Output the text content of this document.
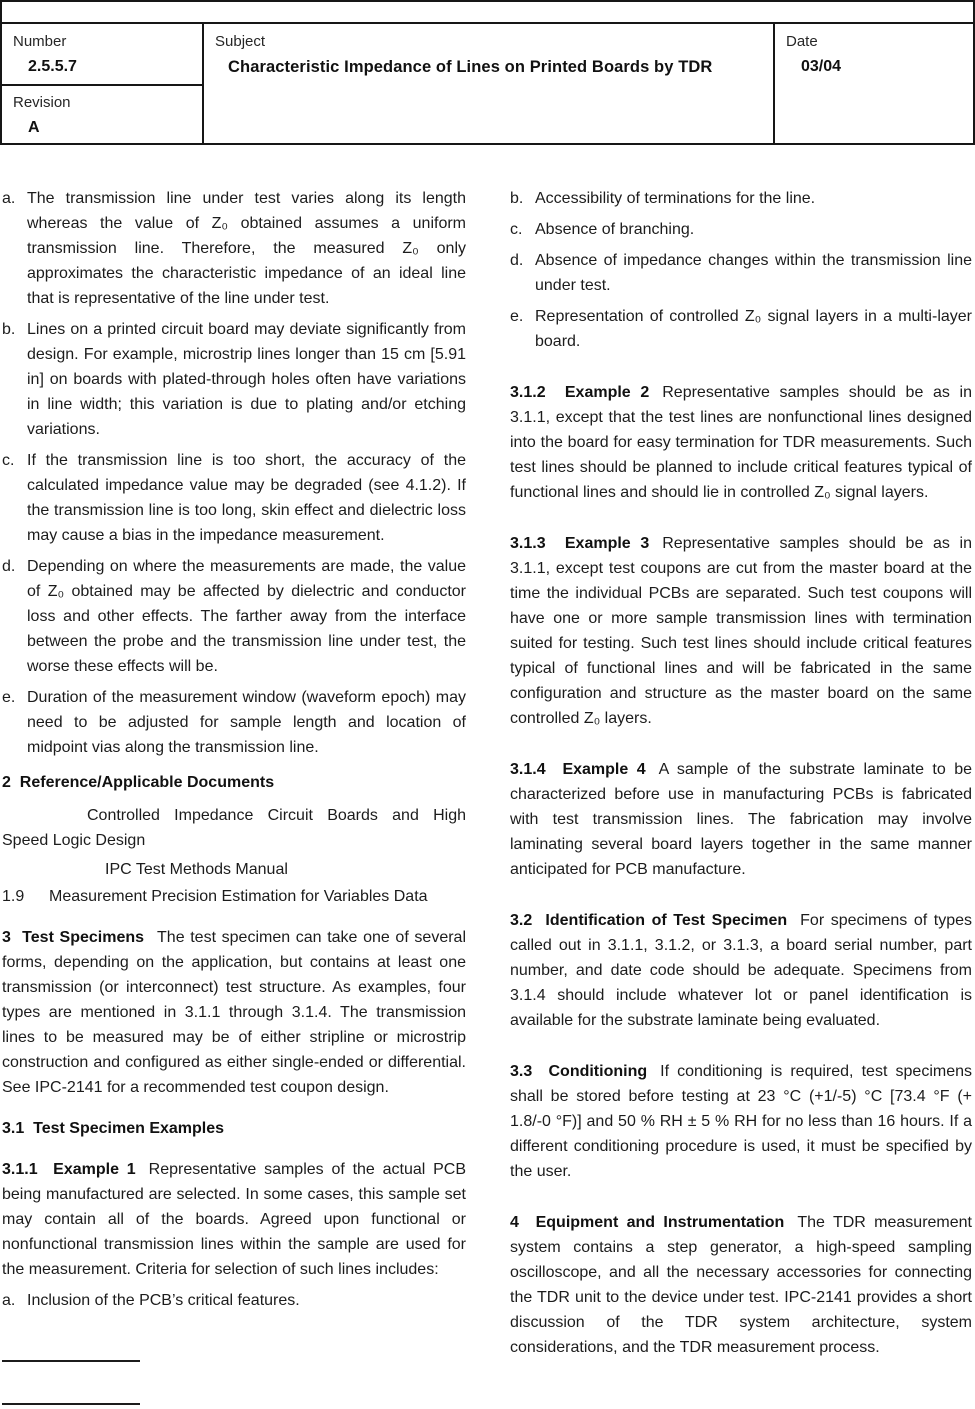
Number
2.5.5.7
Revision
A
Subject
Characteristic Impedance of Lines on Printed Boards by TDR
Date
03/04
a. The transmission line under test varies along its length whereas the value of Z₀ obtained assumes a uniform transmission line. Therefore, the measured Z₀ only approximates the characteristic impedance of an ideal line that is representative of the line under test.
b. Lines on a printed circuit board may deviate significantly from design. For example, microstrip lines longer than 15 cm [5.91 in] on boards with plated-through holes often have variations in line width; this variation is due to plating and/or etching variations.
c. If the transmission line is too short, the accuracy of the calculated impedance value may be degraded (see 4.1.2). If the transmission line is too long, skin effect and dielectric loss may cause a bias in the impedance measurement.
d. Depending on where the measurements are made, the value of Z₀ obtained may be affected by dielectric and conductor loss and other effects. The farther away from the interface between the probe and the transmission line under test, the worse these effects will be.
e. Duration of the measurement window (waveform epoch) may need to be adjusted for sample length and location of midpoint vias along the transmission line.
2  Reference/Applicable Documents

Controlled Impedance Circuit Boards and High Speed Logic Design

IPC Test Methods Manual

1.9 Measurement Precision Estimation for Variables Data

3  Test Specimens The test specimen can take one of several forms, depending on the application, but contains at least one transmission (or interconnect) test structure. As examples, four types are mentioned in 3.1.1 through 3.1.4. The transmission lines to be measured may be of either stripline or microstrip construction and configured as either single-ended or differential. See IPC-2141 for a recommended test coupon design.

3.1  Test Specimen Examples

3.1.1  Example 1 Representative samples of the actual PCB being manufactured are selected. In some cases, this sample set may contain all of the boards. Agreed upon functional or nonfunctional transmission lines within the sample are used for the measurement. Criteria for selection of such lines includes:

a. Inclusion of the PCB’s critical features.
b. Accessibility of terminations for the line.
c. Absence of branching.
d. Absence of impedance changes within the transmission line under test.
e. Representation of controlled Z₀ signal layers in a multi-layer board.

3.1.2  Example 2 Representative samples should be as in 3.1.1, except that the test lines are nonfunctional lines designed into the board for easy termination for TDR measurements. Such test lines should be planned to include critical features typical of functional lines and should lie in controlled Z₀ signal layers.

3.1.3  Example 3 Representative samples should be as in 3.1.1, except test coupons are cut from the master board at the time the individual PCBs are separated. Such test coupons will have one or more sample transmission lines with termination suited for testing. Such test lines should include critical features typical of functional lines and will be fabricated in the same configuration and structure as the master board on the same controlled Z₀ layers.

3.1.4  Example 4 A sample of the substrate laminate to be characterized before use in manufacturing PCBs is fabricated with test transmission lines. The fabrication may involve laminating several board layers together in the same manner anticipated for PCB manufacture.

3.2  Identification of Test Specimen For specimens of types called out in 3.1.1, 3.1.2, or 3.1.3, a board serial number, part number, and date code should be adequate. Specimens from 3.1.4 should include whatever lot or panel identification is available for the substrate laminate being evaluated.

3.3  Conditioning If conditioning is required, test specimens shall be stored before testing at 23 °C (+1/-5) °C [73.4 °F (+ 1.8/-0 °F)] and 50 % RH ± 5 % RH for no less than 16 hours. If a different conditioning procedure is used, it must be specified by the user.

4  Equipment and Instrumentation The TDR measurement system contains a step generator, a high-speed sampling oscilloscope, and all the necessary accessories for connecting the TDR unit to the device under test. IPC-2141 provides a short discussion of the TDR system architecture, system considerations, and the TDR measurement process.
